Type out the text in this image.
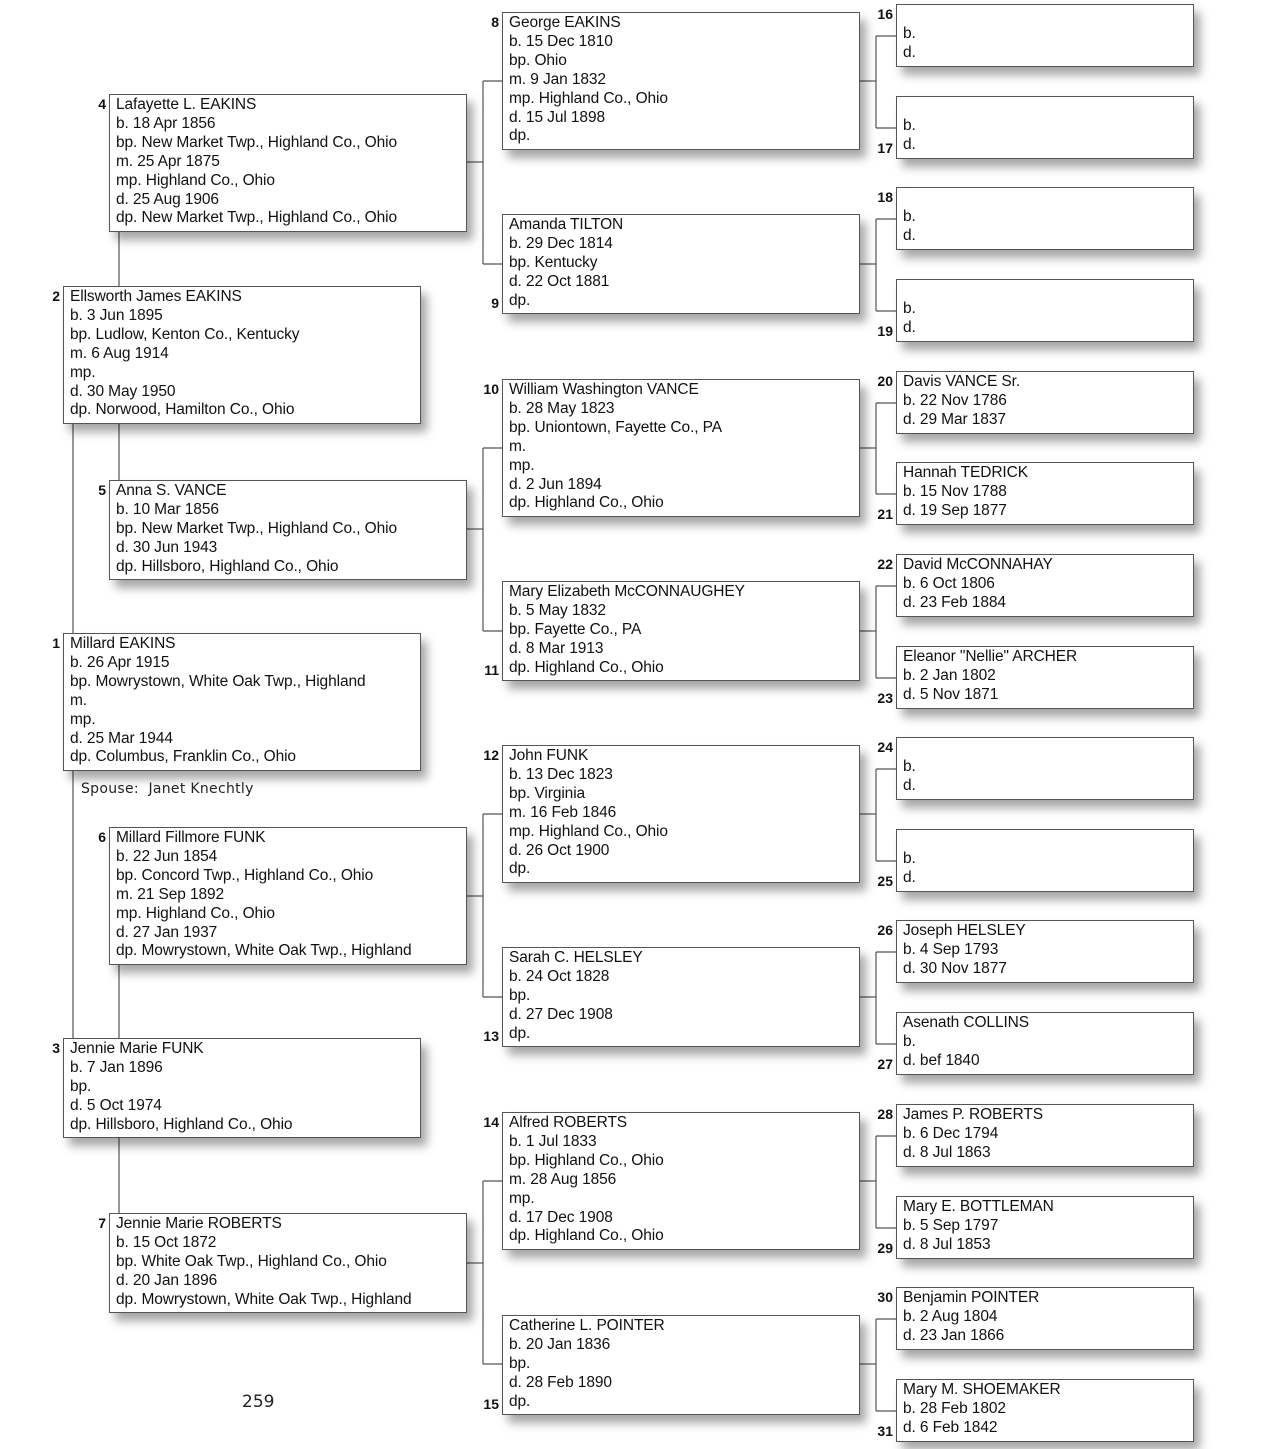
Millard EAKINS
b. 26 Apr 1915
bp. Mowrystown, White Oak Twp., Highland
m.
mp.
d. 25 Mar 1944
dp. Columbus, Franklin Co., Ohio
1
Ellsworth James EAKINS
b. 3 Jun 1895
bp. Ludlow, Kenton Co., Kentucky
m. 6 Aug 1914
mp.
d. 30 May 1950
dp. Norwood, Hamilton Co., Ohio
2
Jennie Marie FUNK
b. 7 Jan 1896
bp.
d. 5 Oct 1974
dp. Hillsboro, Highland Co., Ohio
3
Lafayette L. EAKINS
b. 18 Apr 1856
bp. New Market Twp., Highland Co., Ohio
m. 25 Apr 1875
mp. Highland Co., Ohio
d. 25 Aug 1906
dp. New Market Twp., Highland Co., Ohio
4
Anna S. VANCE
b. 10 Mar 1856
bp. New Market Twp., Highland Co., Ohio
d. 30 Jun 1943
dp. Hillsboro, Highland Co., Ohio
5
Millard Fillmore FUNK
b. 22 Jun 1854
bp. Concord Twp., Highland Co., Ohio
m. 21 Sep 1892
mp. Highland Co., Ohio
d. 27 Jan 1937
dp. Mowrystown, White Oak Twp., Highland
6
Jennie Marie ROBERTS
b. 15 Oct 1872
bp. White Oak Twp., Highland Co., Ohio
d. 20 Jan 1896
dp. Mowrystown, White Oak Twp., Highland
7
George EAKINS
b. 15 Dec 1810
bp. Ohio
m. 9 Jan 1832
mp. Highland Co., Ohio
d. 15 Jul 1898
dp.
8
Amanda TILTON
b. 29 Dec 1814
bp. Kentucky
d. 22 Oct 1881
dp.
9
William Washington VANCE
b. 28 May 1823
bp. Uniontown, Fayette Co., PA
m.
mp.
d. 2 Jun 1894
dp. Highland Co., Ohio
10
Mary Elizabeth McCONNAUGHEY
b. 5 May 1832
bp. Fayette Co., PA
d. 8 Mar 1913
dp. Highland Co., Ohio
11
John FUNK
b. 13 Dec 1823
bp. Virginia
m. 16 Feb 1846
mp. Highland Co., Ohio
d. 26 Oct 1900
dp.
12
Sarah C. HELSLEY
b. 24 Oct 1828
bp.
d. 27 Dec 1908
dp.
13
Alfred ROBERTS
b. 1 Jul 1833
bp. Highland Co., Ohio
m. 28 Aug 1856
mp.
d. 17 Dec 1908
dp. Highland Co., Ohio
14
Catherine L. POINTER
b. 20 Jan 1836
bp.
d. 28 Feb 1890
dp.
15

b.
d.
16

b.
d.
17

b.
d.
18

b.
d.
19
Davis VANCE Sr.
b. 22 Nov 1786
d. 29 Mar 1837
20
Hannah TEDRICK
b. 15 Nov 1788
d. 19 Sep 1877
21
David McCONNAHAY
b. 6 Oct 1806
d. 23 Feb 1884
22
Eleanor "Nellie" ARCHER
b. 2 Jan 1802
d. 5 Nov 1871
23

b.
d.
24

b.
d.
25
Joseph HELSLEY
b. 4 Sep 1793
d. 30 Nov 1877
26
Asenath COLLINS
b.
d. bef 1840
27
James P. ROBERTS
b. 6 Dec 1794
d. 8 Jul 1863
28
Mary E. BOTTLEMAN
b. 5 Sep 1797
d. 8 Jul 1853
29
Benjamin POINTER
b. 2 Aug 1804
d. 23 Jan 1866
30
Mary M. SHOEMAKER
b. 28 Feb 1802
d. 6 Feb 1842
31
Spouse: Janet Knechtly
259
